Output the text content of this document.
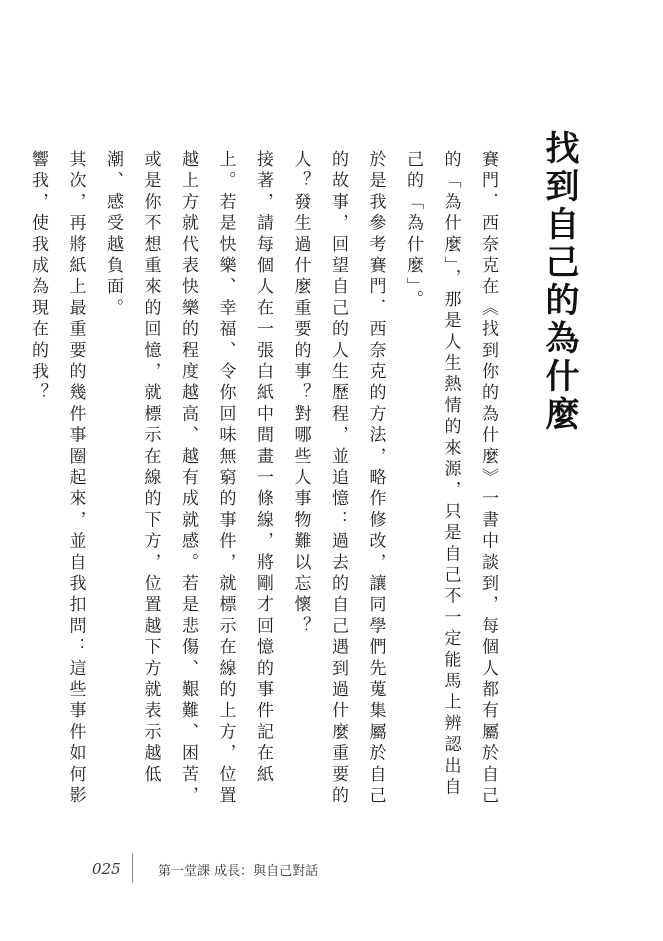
找到自己的為什麼

賽門．西奈克在《找到你的為什麼》一書中談到，每個人都有屬於自己的「為什麼」，那是人生熱情的來源，只是自己不一定能馬上辨認出自己的「為什麼」。

於是我參考賽門．西奈克的方法，略作修改，讓同學們先蒐集屬於自己的故事，回望自己的人生歷程，並追憶：過去的自己遇到過什麼重要的人？發生過什麼重要的事？對哪些人事物難以忘懷？

接著，請每個人在一張白紙中間畫一條線，將剛才回憶的事件記在紙上。若是快樂、幸福、令你回味無窮的事件，就標示在線的上方，位置越上方就代表快樂的程度越高、越有成就感。若是悲傷、艱難、困苦，或是你不想重來的回憶，就標示在線的下方，位置越下方就表示越低潮、感受越負面。

其次，再將紙上最重要的幾件事圈起來，並自我扣問：這些事件如何影響我，使我成為現在的我？

025	第一堂課 成長：與自己對話
